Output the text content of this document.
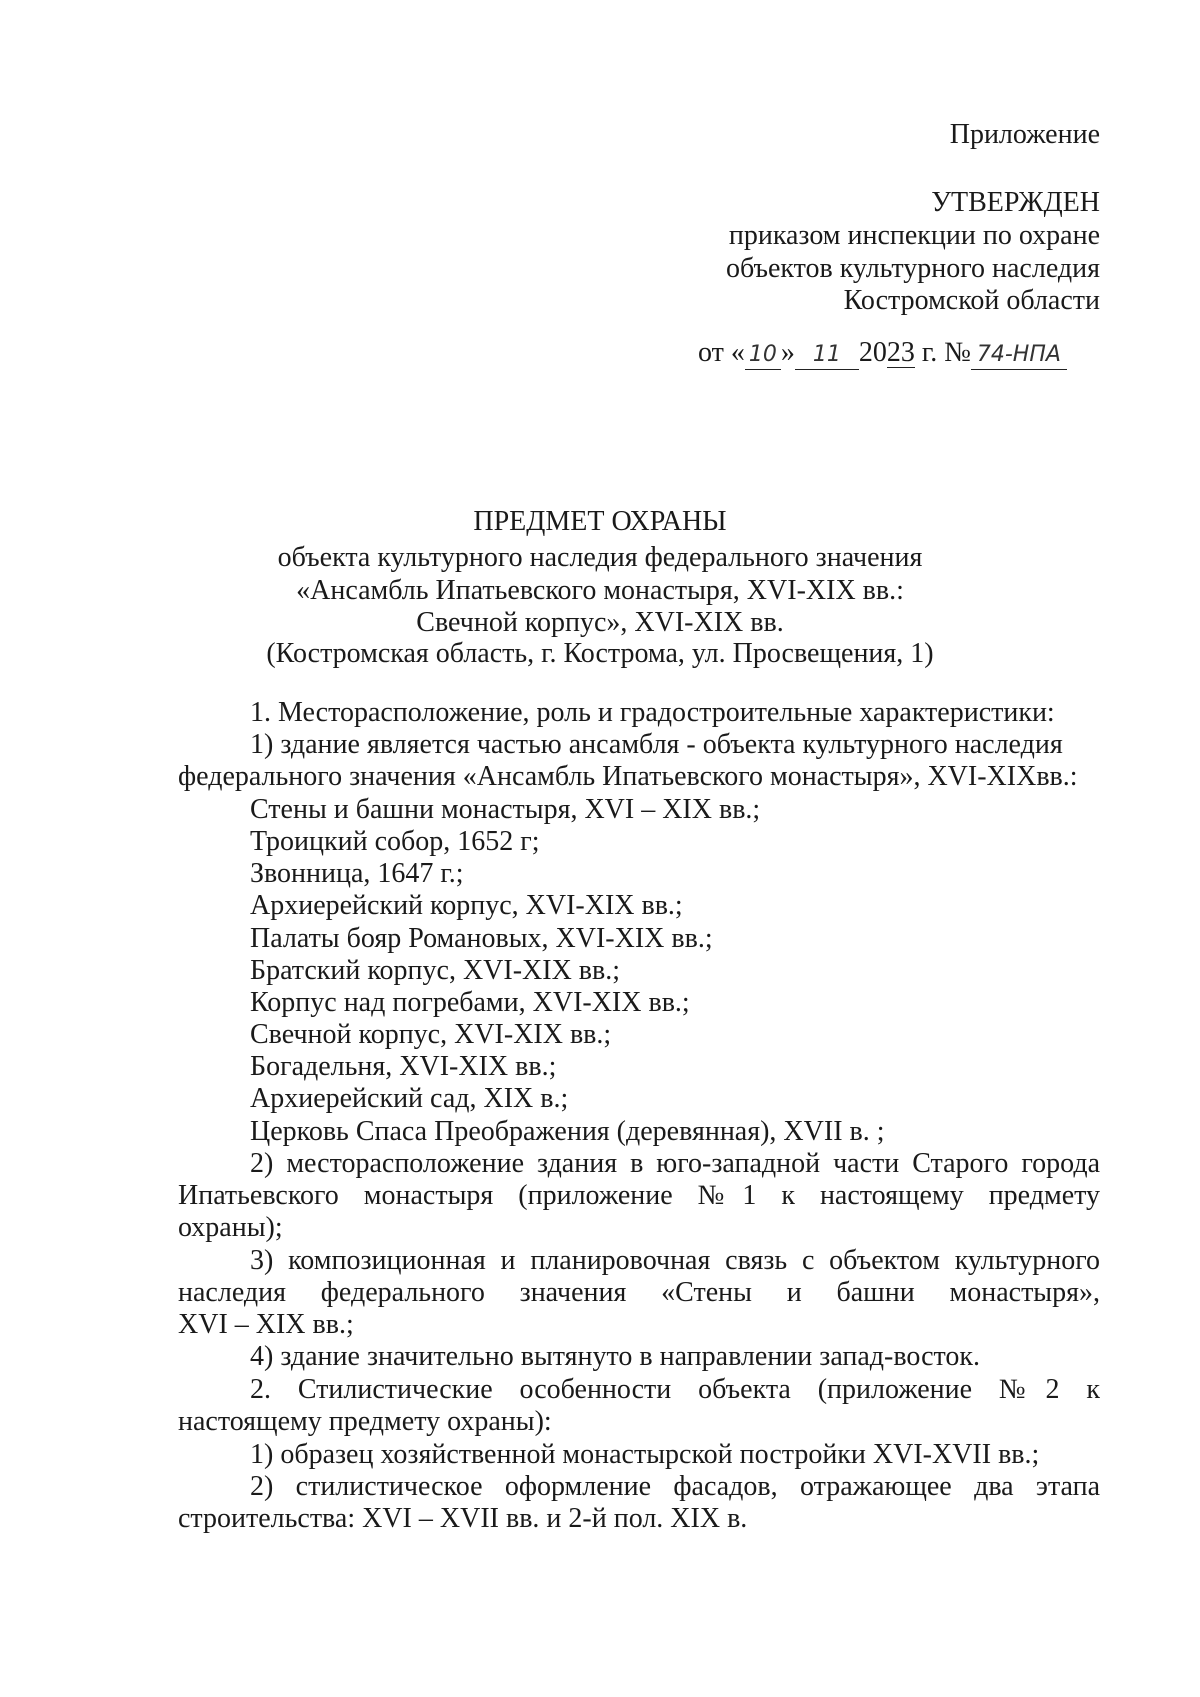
Приложение
УТВЕРЖДЕН
приказом инспекции по охране
объектов культурного наследия
Костромской области
от « 10 » 11 2023 г. № 74-НПА
ПРЕДМЕТ ОХРАНЫ
объекта культурного наследия федерального значения
«Ансамбль Ипатьевского монастыря, XVI-XIX вв.:
Свечной корпус», XVI-XIX вв.
(Костромская область, г. Кострома, ул. Просвещения, 1)
1. Месторасположение, роль и градостроительные характеристики:
1) здание является частью ансамбля - объекта культурного наследия
федерального значения «Ансамбль Ипатьевского монастыря», XVI-XIXвв.:
Стены и башни монастыря, XVI – XIX вв.;
Троицкий собор, 1652 г;
Звонница, 1647 г.;
Архиерейский корпус, XVI-XIX вв.;
Палаты бояр Романовых, XVI-XIX вв.;
Братский корпус, XVI-XIX вв.;
Корпус над погребами, XVI-XIX вв.;
Свечной корпус, XVI-XIX вв.;
Богадельня, XVI-XIX вв.;
Архиерейский сад, XIX в.;
Церковь Спаса Преображения (деревянная), XVII в. ;
2) месторасположение здания в юго-западной части Старого города
Ипатьевского монастыря (приложение №1 к настоящему предмету
охраны);
3) композиционная и планировочная связь с объектом культурного
наследия федерального значения «Стены и башни монастыря»,
XVI – XIX вв.;
4) здание значительно вытянуто в направлении запад-восток.
2. Стилистические особенности объекта (приложение №2 к
настоящему предмету охраны):
1) образец хозяйственной монастырской постройки XVI-XVII вв.;
2) стилистическое оформление фасадов, отражающее два этапа
строительства: XVI – XVII вв. и 2-й пол. XIX в.
